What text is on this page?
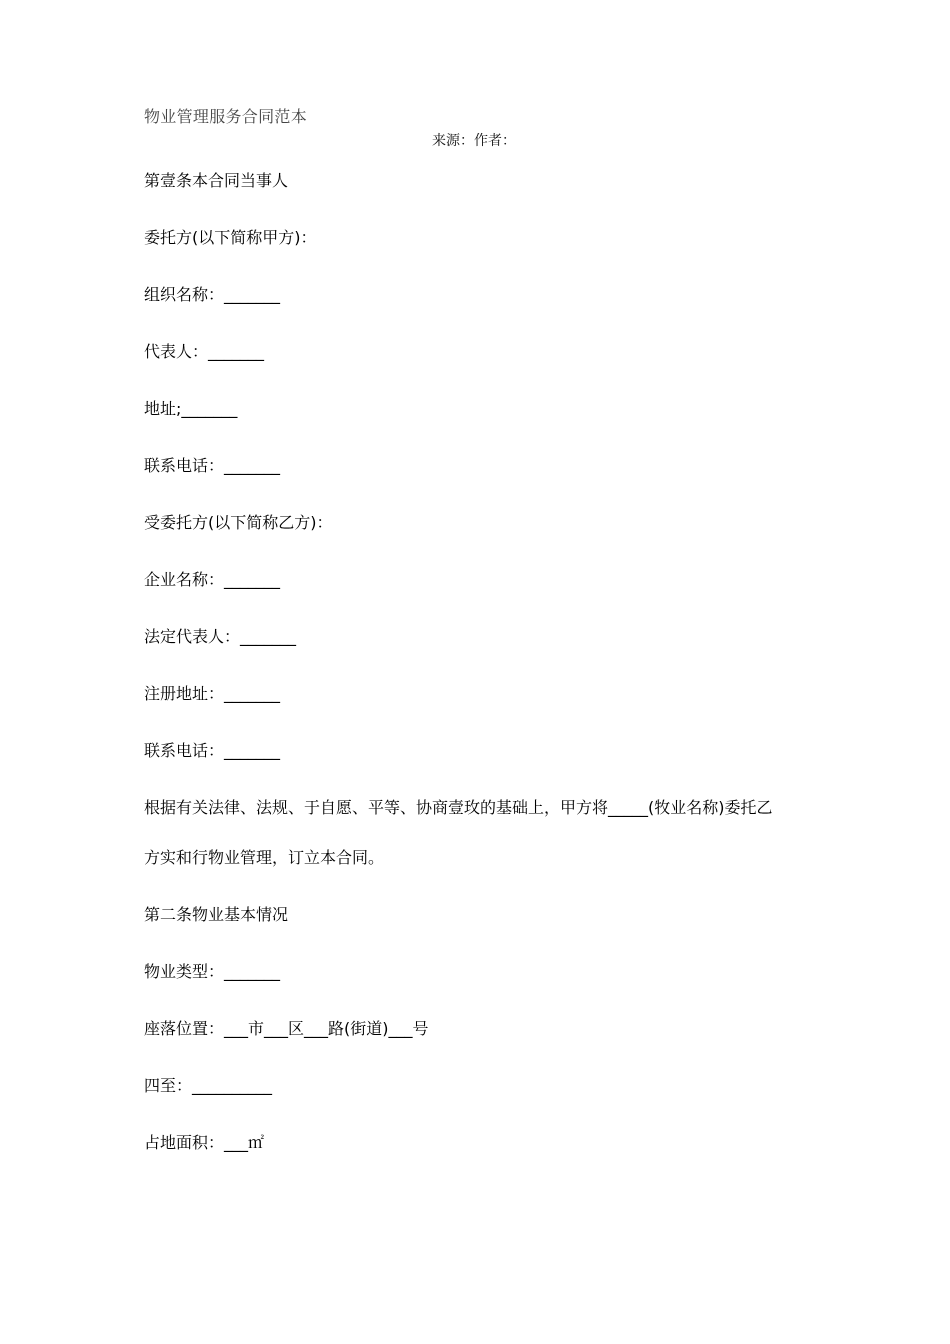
物业管理服务合同范本
来源：作者：
第壹条本合同当事人
委托方(以下简称甲方)：
组织名称：_______
代表人：_______
地址;_______
联系电话：_______
受委托方(以下简称乙方)：
企业名称：_______
法定代表人：_______
注册地址：_______
联系电话：_______
根据有关法律、法规、于自愿、平等、协商壹玫的基础上，甲方将_____(牧业名称)委托乙
方实和行物业管理，订立本合同。
第二条物业基本情况
物业类型：_______
座落位置：___市___区___路(街道)___号
四至：__________
占地面积：___㎡
